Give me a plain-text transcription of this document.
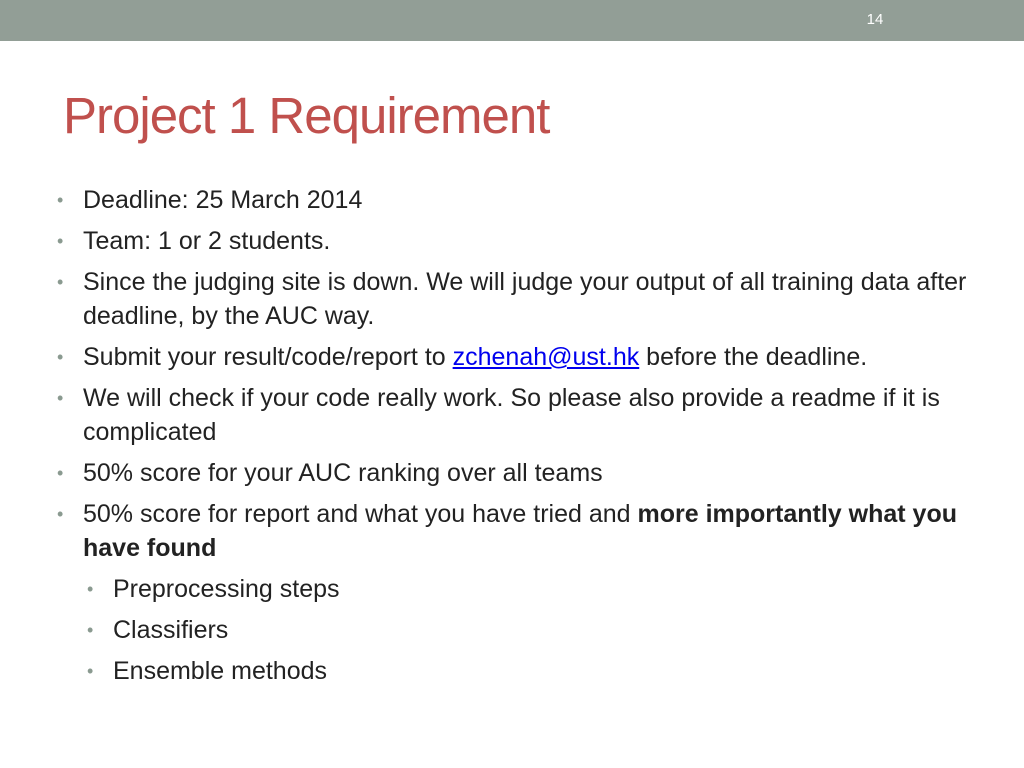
14
Project 1 Requirement
• Deadline: 25 March 2014
• Team: 1 or 2 students.
• Since the judging site is down. We will judge your output of all training data after deadline, by the AUC way.
• Submit your result/code/report to zchenah@ust.hk before the deadline.
• We will check if your code really work. So please also provide a readme if it is complicated
• 50% score for your AUC ranking over all teams
• 50% score for report and what you have tried and more importantly what you have found
• Preprocessing steps
• Classifiers
• Ensemble methods
